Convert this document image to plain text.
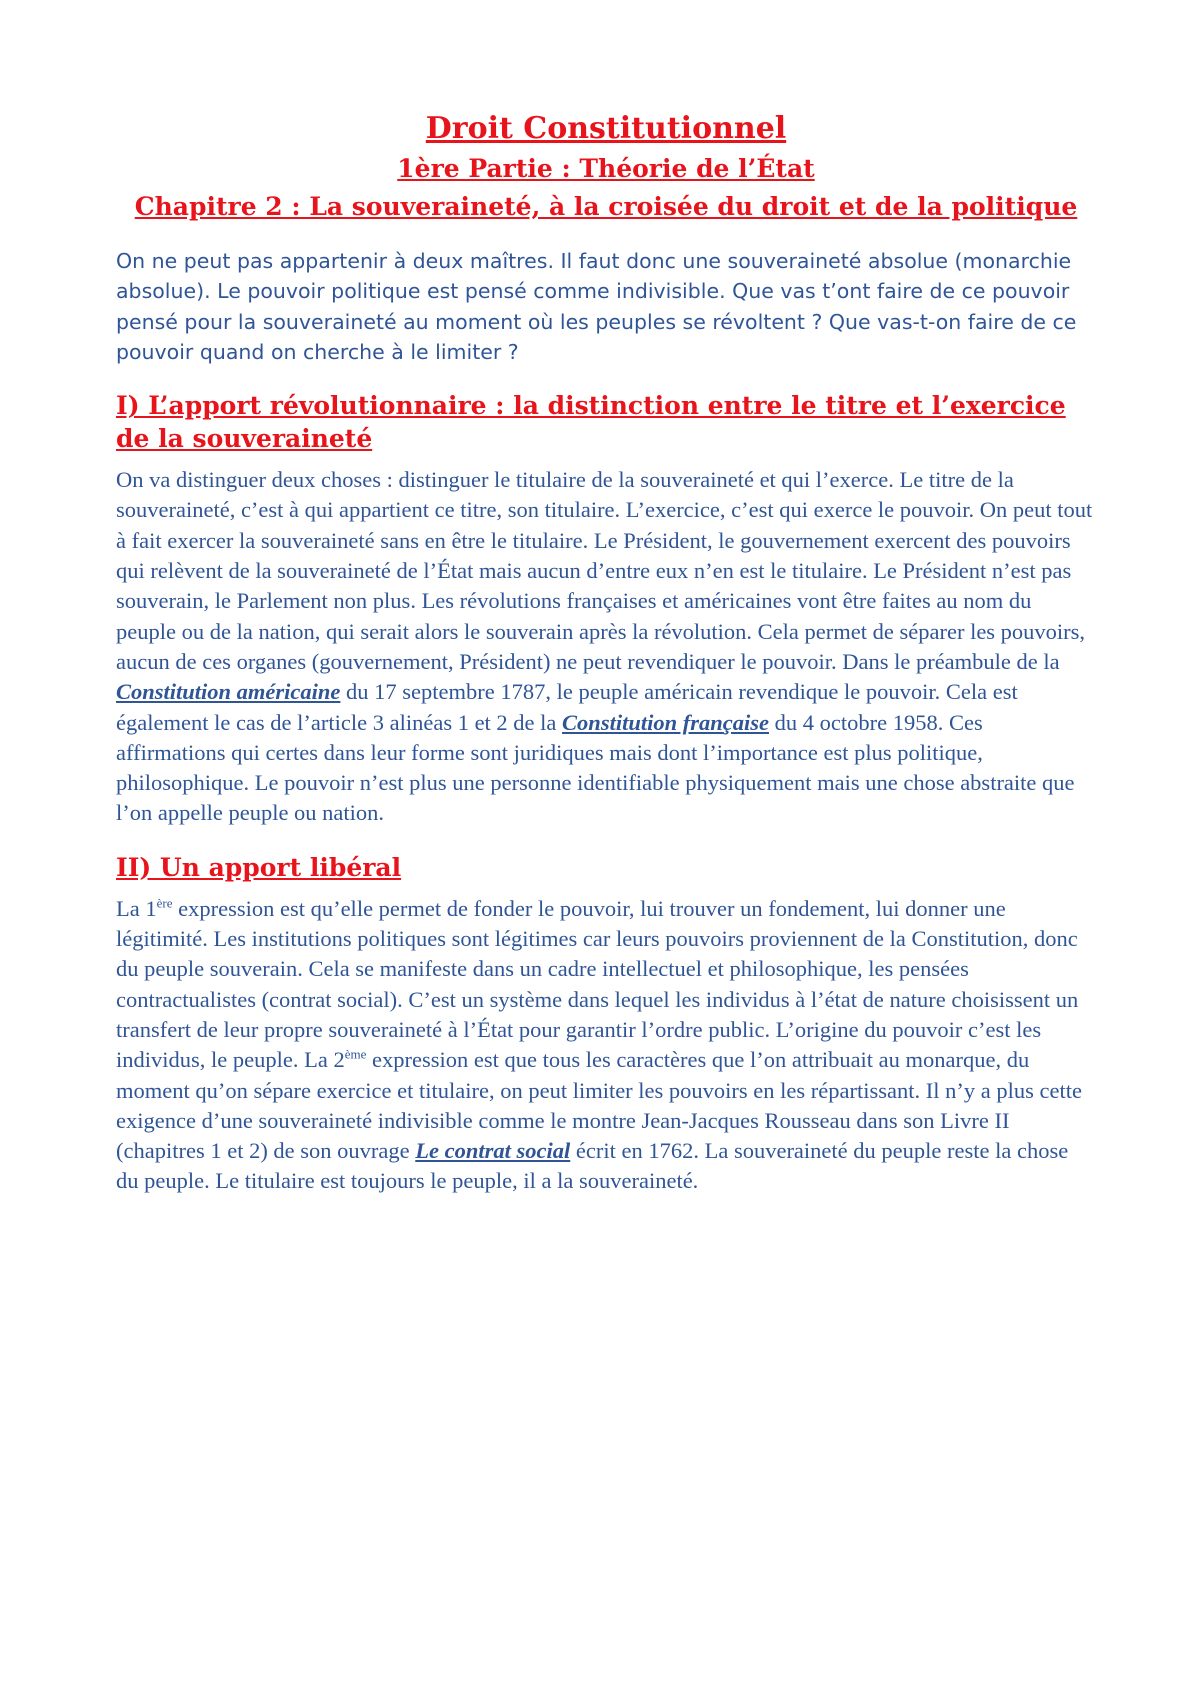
Droit Constitutionnel
1ère Partie : Théorie de l’État
Chapitre 2 : La souveraineté, à la croisée du droit et de la politique

On ne peut pas appartenir à deux maîtres. Il faut donc une souveraineté absolue (monarchie absolue). Le pouvoir politique est pensé comme indivisible. Que vas t’ont faire de ce pouvoir pensé pour la souveraineté au moment où les peuples se révoltent ? Que vas-t-on faire de ce pouvoir quand on cherche à le limiter ?

I) L’apport révolutionnaire : la distinction entre le titre et l’exercice de la souveraineté

On va distinguer deux choses : distinguer le titulaire de la souveraineté et qui l’exerce. Le titre de la souveraineté, c’est à qui appartient ce titre, son titulaire. L’exercice, c’est qui exerce le pouvoir. On peut tout à fait exercer la souveraineté sans en être le titulaire. Le Président, le gouvernement exercent des pouvoirs qui relèvent de la souveraineté de l’État mais aucun d’entre eux n’en est le titulaire. Le Président n’est pas souverain, le Parlement non plus. Les révolutions françaises et américaines vont être faites au nom du peuple ou de la nation, qui serait alors le souverain après la révolution. Cela permet de séparer les pouvoirs, aucun de ces organes (gouvernement, Président) ne peut revendiquer le pouvoir. Dans le préambule de la Constitution américaine du 17 septembre 1787, le peuple américain revendique le pouvoir. Cela est également le cas de l’article 3 alinéas 1 et 2 de la Constitution française du 4 octobre 1958. Ces affirmations qui certes dans leur forme sont juridiques mais dont l’importance est plus politique, philosophique. Le pouvoir n’est plus une personne identifiable physiquement mais une chose abstraite que l’on appelle peuple ou nation.

II) Un apport libéral

La 1ère expression est qu’elle permet de fonder le pouvoir, lui trouver un fondement, lui donner une légitimité. Les institutions politiques sont légitimes car leurs pouvoirs proviennent de la Constitution, donc du peuple souverain. Cela se manifeste dans un cadre intellectuel et philosophique, les pensées contractualistes (contrat social). C’est un système dans lequel les individus à l’état de nature choisissent un transfert de leur propre souveraineté à l’État pour garantir l’ordre public. L’origine du pouvoir c’est les individus, le peuple. La 2ème expression est que tous les caractères que l’on attribuait au monarque, du moment qu’on sépare exercice et titulaire, on peut limiter les pouvoirs en les répartissant. Il n’y a plus cette exigence d’une souveraineté indivisible comme le montre Jean-Jacques Rousseau dans son Livre II (chapitres 1 et 2) de son ouvrage Le contrat social écrit en 1762. La souveraineté du peuple reste la chose du peuple. Le titulaire est toujours le peuple, il a la souveraineté.
